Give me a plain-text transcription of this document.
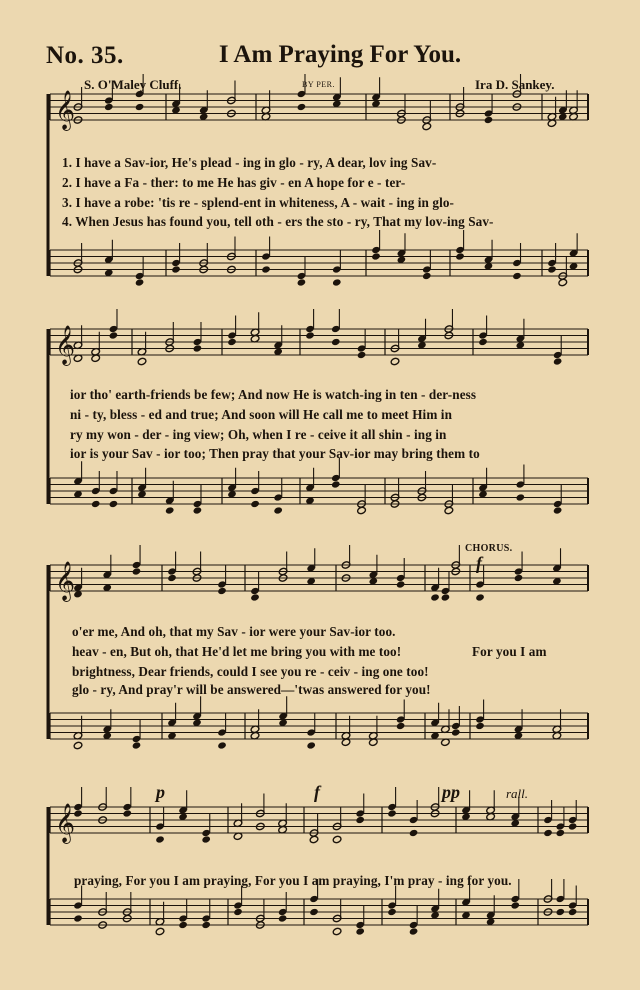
No. 35.	I Am Praying For You.
S. O'Maley Cluff.	BY PER.	Ira D. Sankey.
𝄞
𝄞
𝄞
𝄞
1. I have a Sav-ior, He's plead - ing in glo - ry, A dear, lov ing Sav-
2. I have a Fa - ther: to me He has giv - en A hope for e - ter-
3. I have a robe: 'tis re - splend-ent in whiteness, A - wait - ing in glo-
4. When Jesus has found you, tell oth - ers the sto - ry, That my lov-ing Sav-
ior tho' earth-friends be few; And now He is watch-ing in ten - der-ness
ni - ty, bless - ed and true; And soon will He call me to meet Him in
ry my won - der - ing view; Oh, when I re - ceive it all shin - ing in
ior is your Sav - ior too; Then pray that your Sav-ior may bring them to
CHORUS.
f
o'er me, And oh, that my Sav - ior were your Sav-ior too.
heav - en, But oh, that He'd let me bring you with me too!
brightness, Dear friends, could I see you re - ceiv - ing one too!
glo - ry, And pray'r will be answered—'twas answered for you!
For you I am
p	f	pp	rall.
praying, For you I am praying, For you I am praying, I'm pray - ing for you.
